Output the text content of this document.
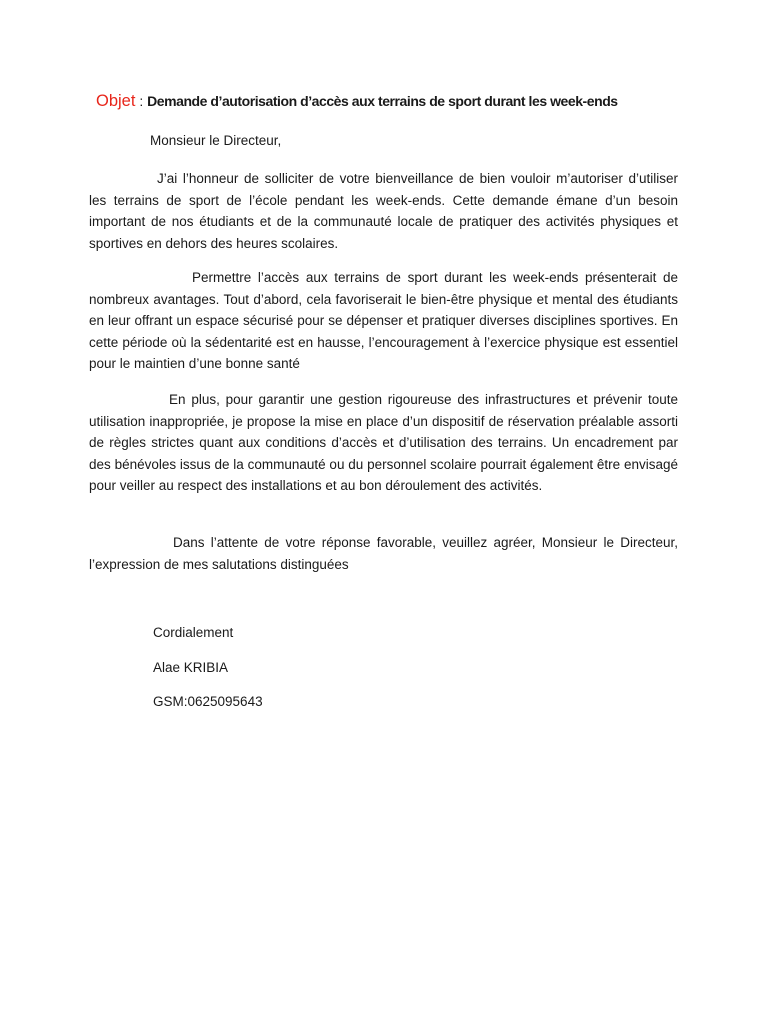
Objet : Demande d’autorisation d’accès aux terrains de sport durant les week-ends
Monsieur le Directeur,

J’ai l’honneur de solliciter de votre bienveillance de bien vouloir m’autoriser d’utiliser les terrains de sport de l’école pendant les week-ends. Cette demande émane d’un besoin important de nos étudiants et de la communauté locale de pratiquer des activités physiques et sportives en dehors des heures scolaires.

Permettre l’accès aux terrains de sport durant les week-ends présenterait de nombreux avantages. Tout d’abord, cela favoriserait le bien-être physique et mental des étudiants en leur offrant un espace sécurisé pour se dépenser et pratiquer diverses disciplines sportives. En cette période où la sédentarité est en hausse, l’encouragement à l’exercice physique est essentiel pour le maintien d’une bonne santé

En plus, pour garantir une gestion rigoureuse des infrastructures et prévenir toute utilisation inappropriée, je propose la mise en place d’un dispositif de réservation préalable assorti de règles strictes quant aux conditions d’accès et d’utilisation des terrains. Un encadrement par des bénévoles issus de la communauté ou du personnel scolaire pourrait également être envisagé pour veiller au respect des installations et au bon déroulement des activités.

Dans l’attente de votre réponse favorable, veuillez agréer, Monsieur le Directeur, l’expression de mes salutations distinguées

Cordialement
Alae KRIBIA
GSM:0625095643
